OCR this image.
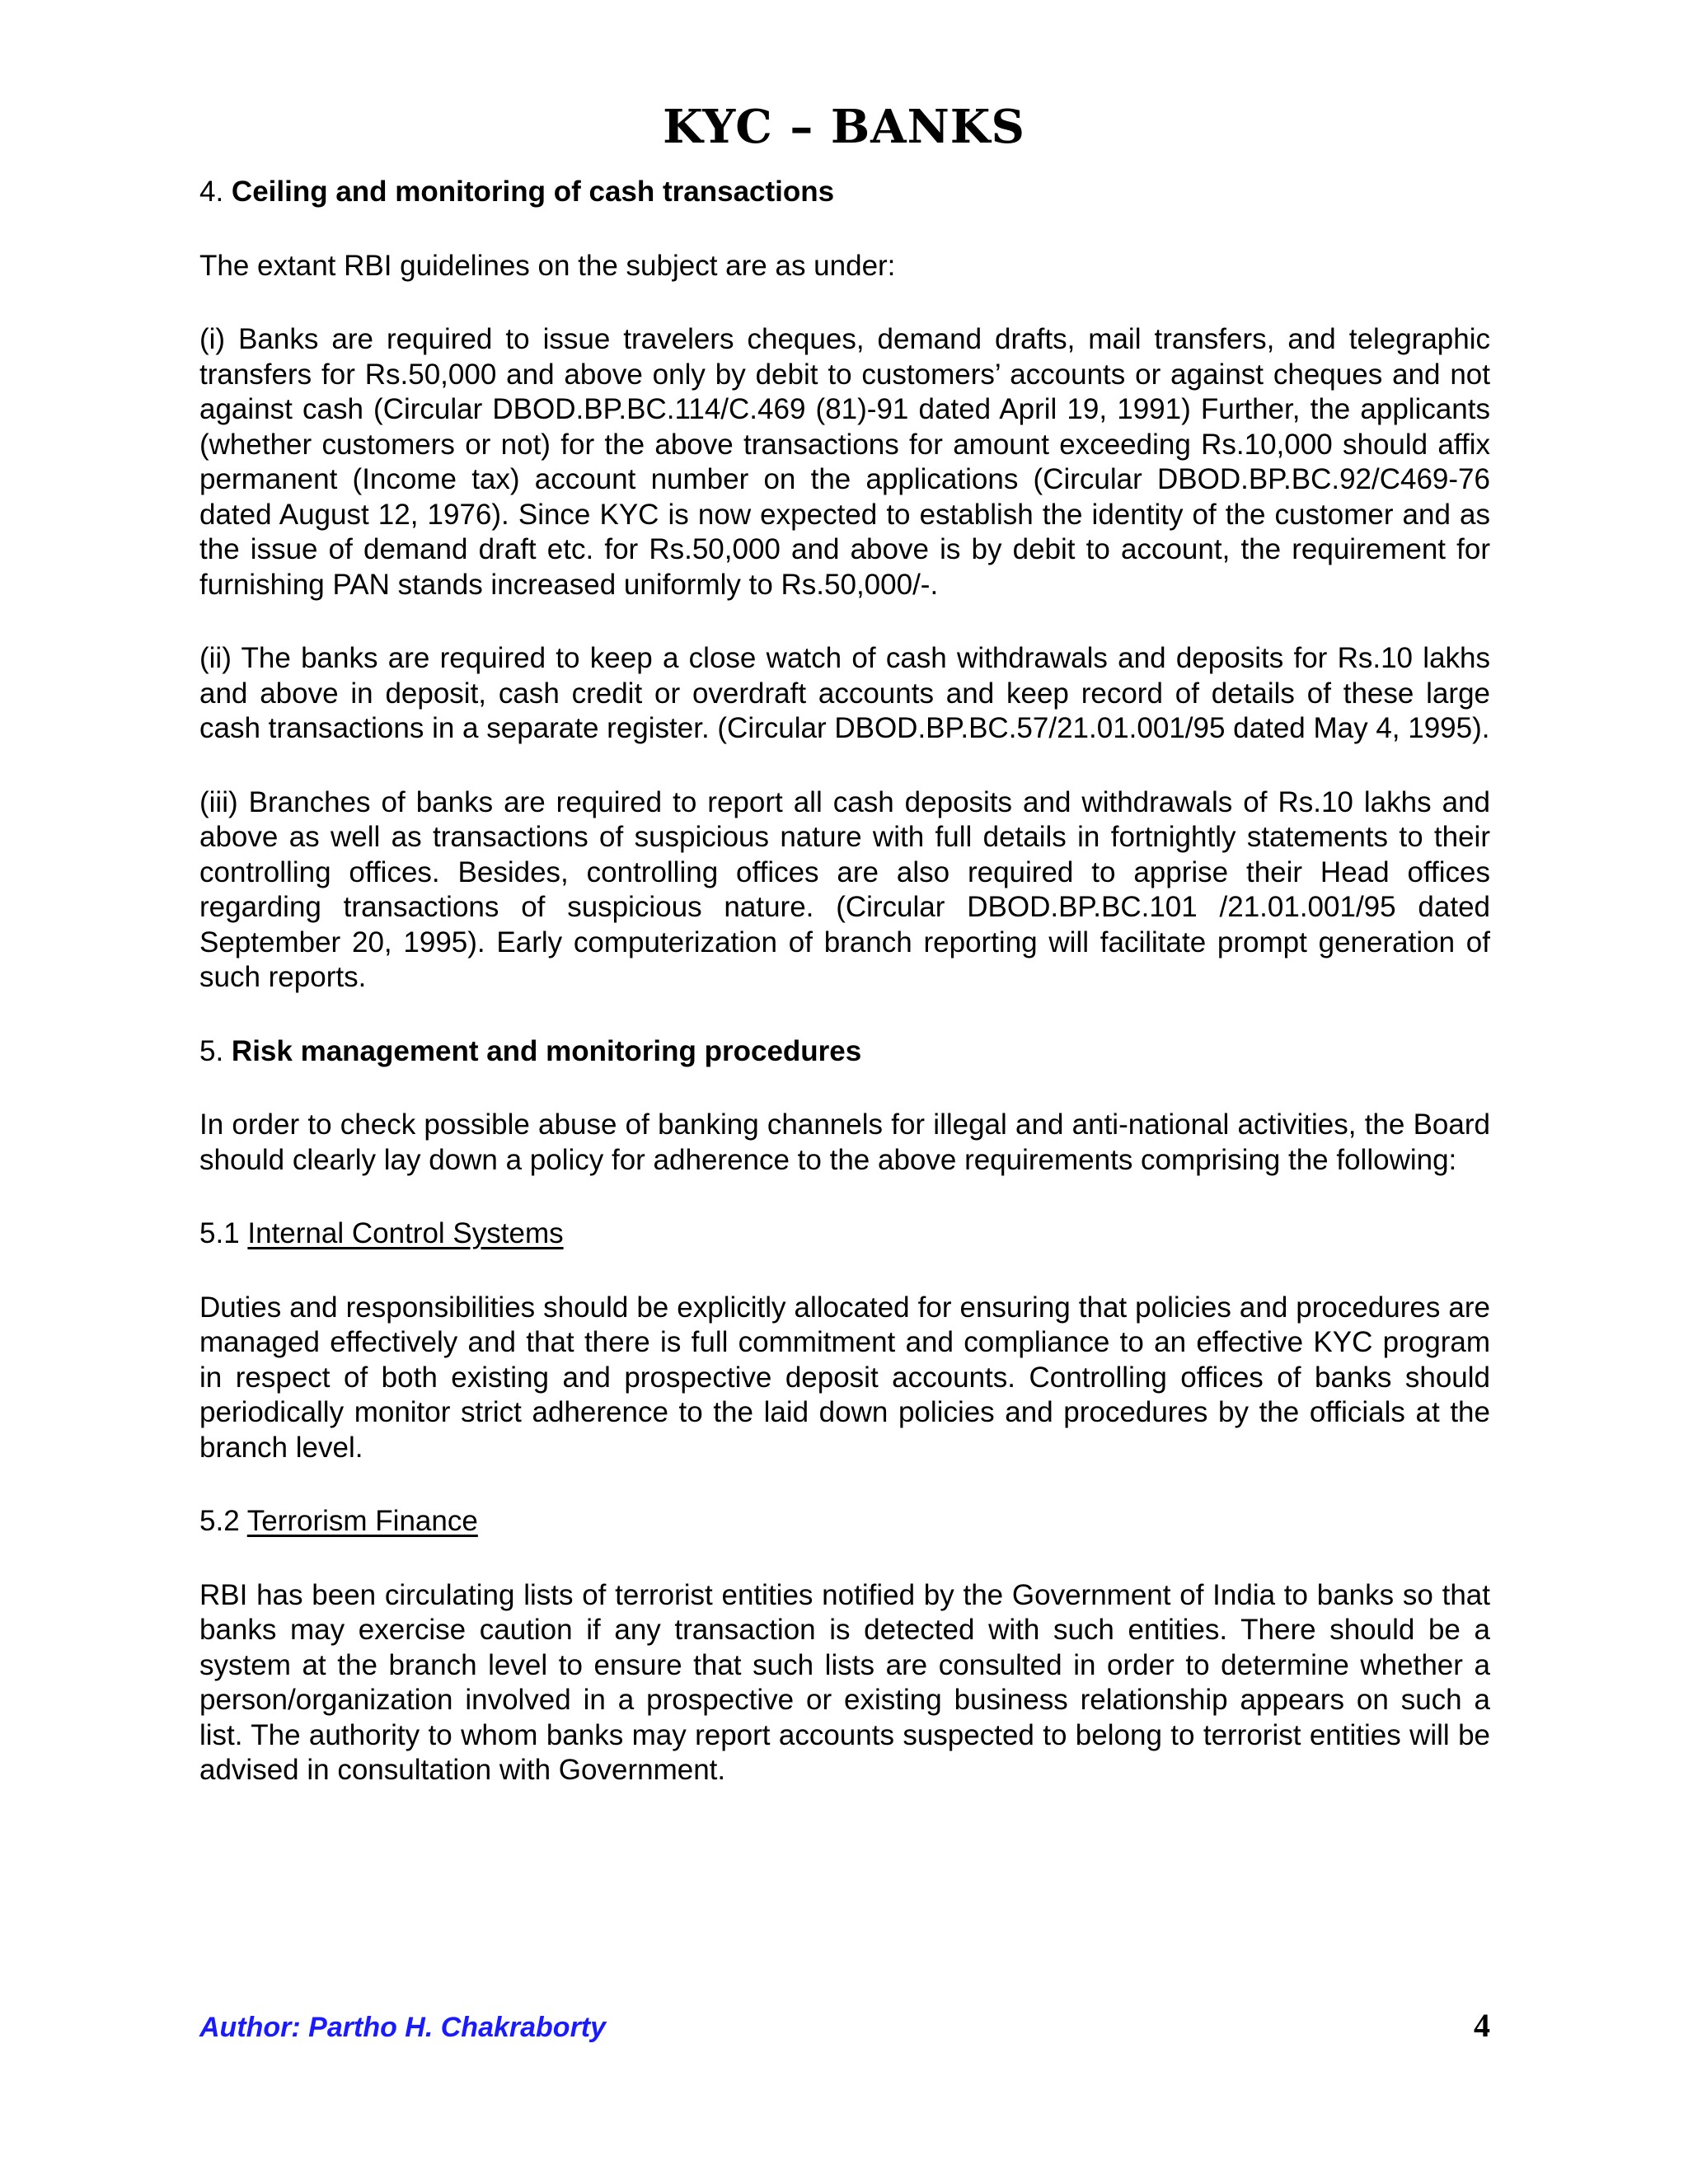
KYC – BANKS

4. Ceiling and monitoring of cash transactions

The extant RBI guidelines on the subject are as under:

(i) Banks are required to issue travelers cheques, demand drafts, mail transfers, and telegraphic transfers for Rs.50,000 and above only by debit to customers’ accounts or against cheques and not against cash (Circular DBOD.BP.BC.114/C.469 (81)-91 dated April 19, 1991) Further, the applicants (whether customers or not) for the above transactions for amount exceeding Rs.10,000 should affix permanent (Income tax) account number on the applications (Circular DBOD.BP.BC.92/C469-76 dated August 12, 1976). Since KYC is now expected to establish the identity of the customer and as the issue of demand draft etc. for Rs.50,000 and above is by debit to account, the requirement for furnishing PAN stands increased uniformly to Rs.50,000/-.

(ii) The banks are required to keep a close watch of cash withdrawals and deposits for Rs.10 lakhs and above in deposit, cash credit or overdraft accounts and keep record of details of these large cash transactions in a separate register. (Circular DBOD.BP.BC.57/21.01.001/95 dated May 4, 1995).

(iii) Branches of banks are required to report all cash deposits and withdrawals of Rs.10 lakhs and above as well as transactions of suspicious nature with full details in fortnightly statements to their controlling offices. Besides, controlling offices are also required to apprise their Head offices regarding transactions of suspicious nature. (Circular DBOD.BP.BC.101 /21.01.001/95 dated September 20, 1995). Early computerization of branch reporting will facilitate prompt generation of such reports.

5. Risk management and monitoring procedures

In order to check possible abuse of banking channels for illegal and anti-national activities, the Board should clearly lay down a policy for adherence to the above requirements comprising the following:

5.1 Internal Control Systems

Duties and responsibilities should be explicitly allocated for ensuring that policies and procedures are managed effectively and that there is full commitment and compliance to an effective KYC program in respect of both existing and prospective deposit accounts. Controlling offices of banks should periodically monitor strict adherence to the laid down policies and procedures by the officials at the branch level.

5.2 Terrorism Finance

RBI has been circulating lists of terrorist entities notified by the Government of India to banks so that banks may exercise caution if any transaction is detected with such entities. There should be a system at the branch level to ensure that such lists are consulted in order to determine whether a person/organization involved in a prospective or existing business relationship appears on such a list. The authority to whom banks may report accounts suspected to belong to terrorist entities will be advised in consultation with Government.

Author: Partho H. Chakraborty	4
